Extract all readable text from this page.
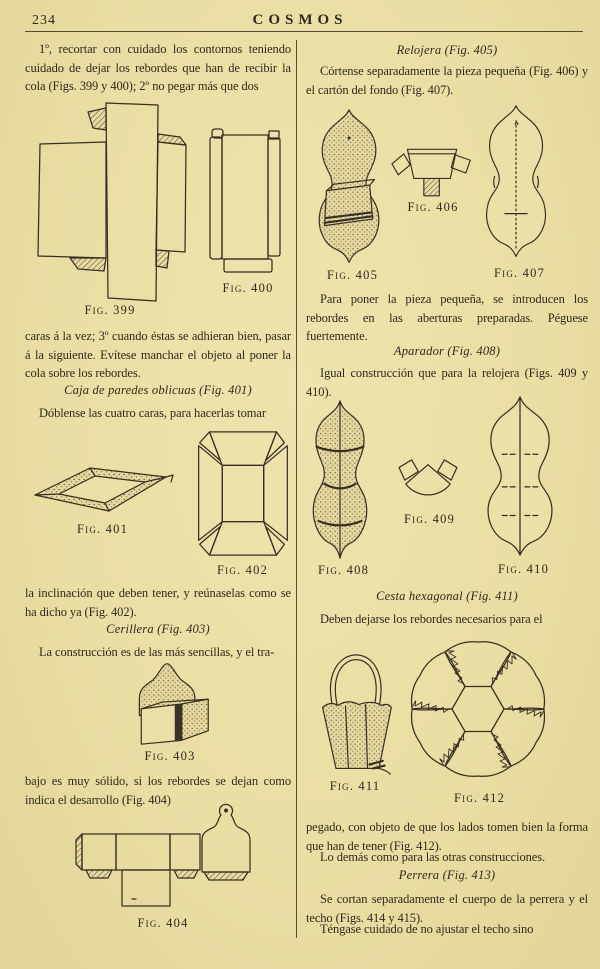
234	COSMOS
1º, recortar con cuidado los contornos teniendo cuidado de dejar los rebordes que han de recibir la cola (Figs. 399 y 400); 2º no pegar más que dos
Fig. 399
Fig. 400
caras á la vez; 3º cuando éstas se adhieran bien, pasar á la siguiente. Evítese manchar el objeto al poner la cola sobre los rebordes.
Caja de paredes oblicuas (Fig. 401)
Dóblense las cuatro caras, para hacerlas tomar
Fig. 401
Fig. 402
la inclinación que deben tener, y reúnaselas como se ha dicho ya (Fig. 402).
Cerillera (Fig. 403)
La construcción es de las más sencillas, y el tra-
Fig. 403
bajo es muy sólido, si los rebordes se dejan como indica el desarrollo (Fig. 404)
Fig. 404
Relojera (Fig. 405)
Córtense separadamente la pieza pequeña (Fig. 406) y el cartón del fondo (Fig. 407).
Fig. 405
Fig. 406
Fig. 407
Para poner la pieza pequeña, se introducen los rebordes en las aberturas preparadas. Péguese fuertemente.
Aparador (Fig. 408)
Igual construcción que para la relojera (Figs. 409 y 410).
Fig. 408
Fig. 409
Fig. 410
Cesta hexagonal (Fig. 411)
Deben dejarse los rebordes necesarios para el
Fig. 411
Fig. 412
pegado, con objeto de que los lados tomen bien la forma que han de tener (Fig. 412).
Lo demás como para las otras construcciones.
Perrera (Fig. 413)
Se cortan separadamente el cuerpo de la perrera y el techo (Figs. 414 y 415).
Téngase cuidado de no ajustar el techo sino
